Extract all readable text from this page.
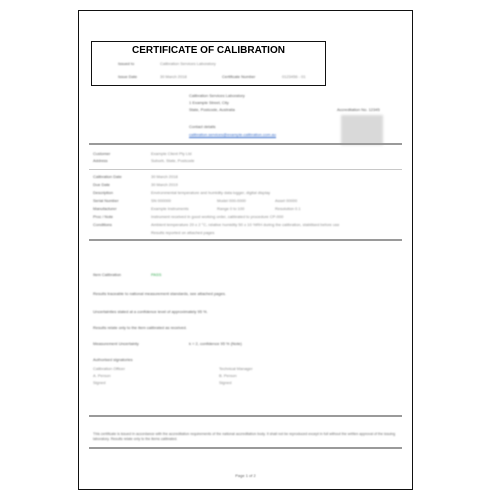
CERTIFICATE OF CALIBRATION
Issued to	Calibration Services Laboratory
Issue Date	30 March 2018	Certificate Number	0123456 - 01
Calibration Services Laboratory
1 Example Street, City
State, Postcode, Australia
Contact details
calibration.services@example-calibration.com.au
Accreditation No. 12345
Customer	Example Client Pty Ltd
Address	Suburb, State, Postcode
Calibration Date	30 March 2018
Due Date	30 March 2019
Description	Environmental temperature and humidity data logger, digital display
Serial Number	SN 000000	Model 000-0000	Asset 00000
Manufacturer	Example Instruments	Range 0 to 100	Resolution 0.1
Proc / Note	Instrument received in good working order, calibrated to procedure CP-000
Conditions	Ambient temperature 20 ± 2 °C, relative humidity 50 ± 10 %RH during the calibration, stabilised before use
Results reported on attached pages
Item Calibration	PASS
Results traceable to national measurement standards, see attached pages.
Uncertainties stated at a confidence level of approximately 95 %.
Results relate only to the item calibrated as received.
Measurement Uncertainty	k = 2, confidence 95 % (Note)
Authorised signatories
Calibration Officer	Technical Manager
A. Person	B. Person
Signed	Signed
This certificate is issued in accordance with the accreditation requirements of the national accreditation body. It shall not be reproduced except in full without the written approval of the issuing laboratory. Results relate only to the items calibrated.
Page 1 of 2
